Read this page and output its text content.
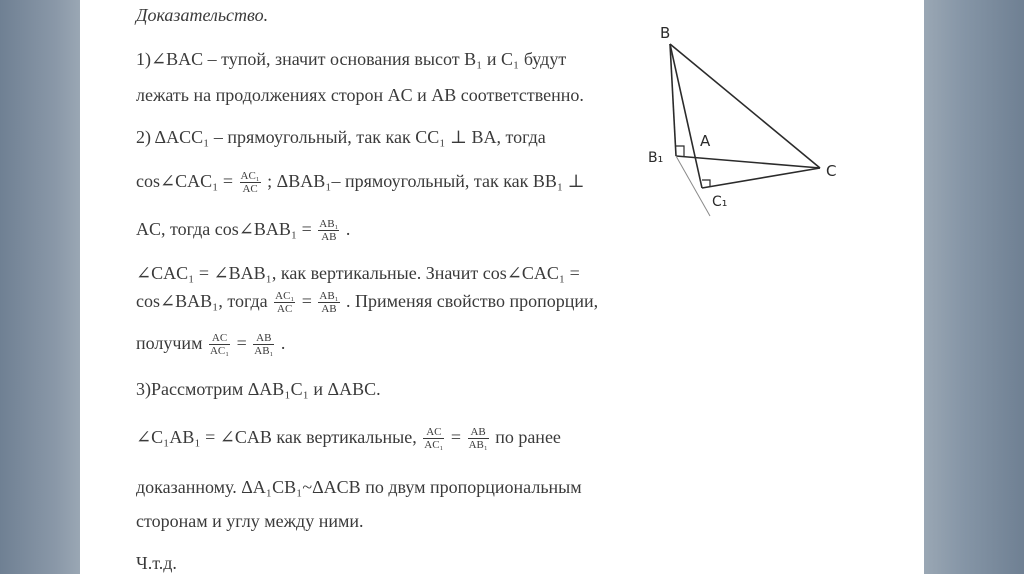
Доказательство.
1)∠BAC – тупой, значит основания высот B₁ и C₁ будут
лежать на продолжениях сторон AC и AB соответственно.
2) ΔACC₁ – прямоугольный, так как CC₁ ⊥ BA, тогда
cos∠CAC₁ = $\frac{\text{AC₁}}{AC}$ ; ΔBAB₁– прямоугольный, так как BB₁ ⊥
AC, тогда cos∠BAB₁ = $\frac{\text{AB₁}}{AB}$ .
∠CAC₁ = ∠BAB₁, как вертикальные. Значит cos∠CAC₁ =
cos∠BAB₁, тогда $\frac{\text{AC₁}}{AC} = \frac{\text{AB₁}}{AB}$ . Применяя свойство пропорции,
получим $\frac{AC}{\text{AC₁}} = \frac{AB}{\text{AB₁}}$ .
3)Рассмотрим ΔAB₁C₁ и ΔABC.
∠C₁AB₁ = ∠CAB как вертикальные, $\frac{AC}{\text{AC₁}} = \frac{AB}{\text{AB₁}}$ по ранее
доказанному. ΔA₁CB₁~ΔACB по двум пропорциональным
сторонам и углу между ними.
Ч.т.д.
B
A
C
B₁
C₁
